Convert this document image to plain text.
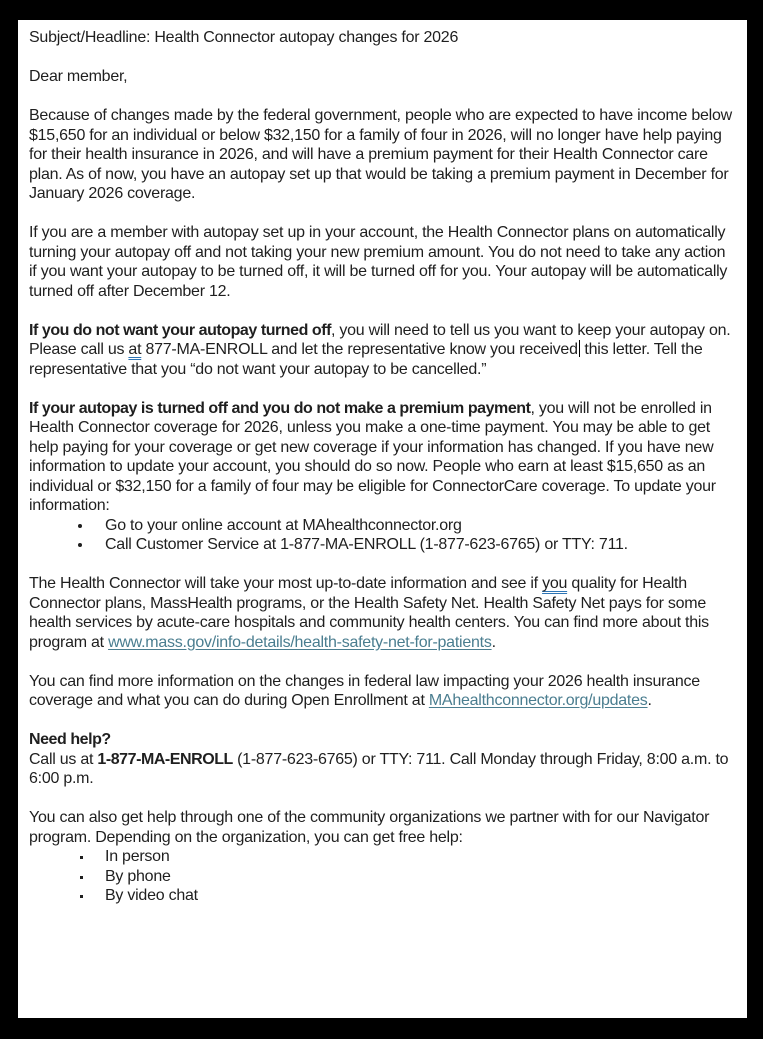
Subject/Headline: Health Connector autopay changes for 2026

Dear member,

Because of changes made by the federal government, people who are expected to have income below $15,650 for an individual or below $32,150 for a family of four in 2026, will no longer have help paying for their health insurance in 2026, and will have a premium payment for their Health Connector care plan. As of now, you have an autopay set up that would be taking a premium payment in December for January 2026 coverage.

If you are a member with autopay set up in your account, the Health Connector plans on automatically turning your autopay off and not taking your new premium amount. You do not need to take any action if you want your autopay to be turned off, it will be turned off for you. Your autopay will be automatically turned off after December 12.

If you do not want your autopay turned off, you will need to tell us you want to keep your autopay on. Please call us at 877-MA-ENROLL and let the representative know you received this letter. Tell the representative that you “do not want your autopay to be cancelled.”

If your autopay is turned off and you do not make a premium payment, you will not be enrolled in Health Connector coverage for 2026, unless you make a one-time payment. You may be able to get help paying for your coverage or get new coverage if your information has changed. If you have new information to update your account, you should do so now. People who earn at least $15,650 as an individual or $32,150 for a family of four may be eligible for ConnectorCare coverage. To update your information:

• Go to your online account at MAhealthconnector.org
• Call Customer Service at 1-877-MA-ENROLL (1-877-623-6765) or TTY: 711.

The Health Connector will take your most up-to-date information and see if you quality for Health Connector plans, MassHealth programs, or the Health Safety Net. Health Safety Net pays for some health services by acute-care hospitals and community health centers. You can find more about this program at www.mass.gov/info-details/health-safety-net-for-patients.

You can find more information on the changes in federal law impacting your 2026 health insurance coverage and what you can do during Open Enrollment at MAhealthconnector.org/updates.

Need help?

Call us at 1-877-MA-ENROLL (1-877-623-6765) or TTY: 711. Call Monday through Friday, 8:00 a.m. to 6:00 p.m.

You can also get help through one of the community organizations we partner with for our Navigator program. Depending on the organization, you can get free help:

▪ In person
▪ By phone
▪ By video chat
